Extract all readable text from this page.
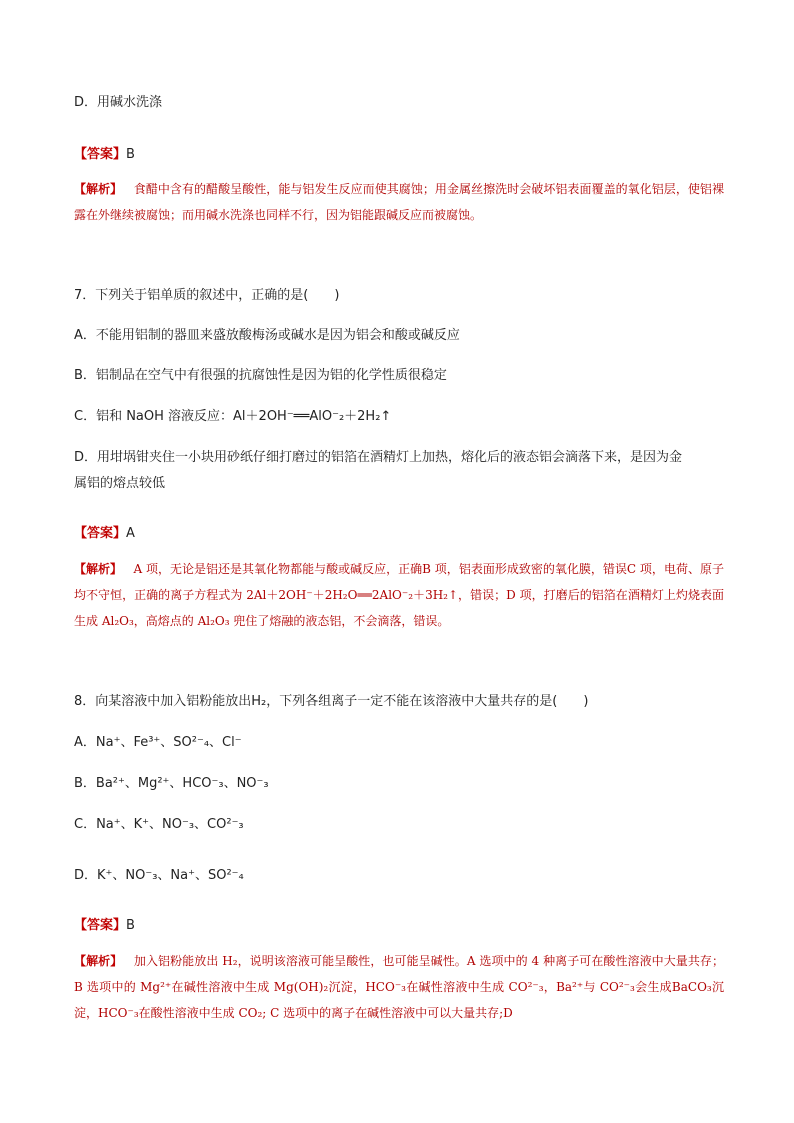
D．用碱水洗涤
【答案】B
【解析】 食醋中含有的醋酸呈酸性，能与铝发生反应而使其腐蚀；用金属丝擦洗时会破坏铝表面覆盖的氧化铝层，使铝裸露在外继续被腐蚀；而用碱水洗涤也同样不行，因为铝能跟碱反应而被腐蚀。
7．下列关于铝单质的叙述中，正确的是(　　)
A．不能用铝制的器皿来盛放酸梅汤或碱水是因为铝会和酸或碱反应
B．铝制品在空气中有很强的抗腐蚀性是因为铝的化学性质很稳定
C．铝和 NaOH 溶液反应：Al＋2OH⁻══AlO⁻₂＋2H₂↑
D．用坩埚钳夹住一小块用砂纸仔细打磨过的铝箔在酒精灯上加热，熔化后的液态铝会滴落下来，是因为金
属铝的熔点较低
【答案】A
【解析】 A 项，无论是铝还是其氧化物都能与酸或碱反应，正确B 项，铝表面形成致密的氧化膜，错误C 项，电荷、原子均不守恒，正确的离子方程式为 2Al＋2OH⁻＋2H₂O══2AlO⁻₂＋3H₂↑，错误；D 项，打磨后的铝箔在酒精灯上灼烧表面生成 Al₂O₃，高熔点的 Al₂O₃ 兜住了熔融的液态铝，不会滴落，错误。
8．向某溶液中加入铝粉能放出H₂，下列各组离子一定不能在该溶液中大量共存的是(　　)
A．Na⁺、Fe³⁺、SO²⁻₄、Cl⁻
B．Ba²⁺、Mg²⁺、HCO⁻₃、NO⁻₃
C．Na⁺、K⁺、NO⁻₃、CO²⁻₃
D．K⁺、NO⁻₃、Na⁺、SO²⁻₄
【答案】B
【解析】 加入铝粉能放出 H₂，说明该溶液可能呈酸性，也可能呈碱性。A 选项中的 4 种离子可在酸性溶液中大量共存；B 选项中的 Mg²⁺在碱性溶液中生成 Mg(OH)₂沉淀，HCO⁻₃在碱性溶液中生成 CO²⁻₃，Ba²⁺与 CO²⁻₃会生成BaCO₃沉淀，HCO⁻₃在酸性溶液中生成 CO₂; C 选项中的离子在碱性溶液中可以大量共存;D
